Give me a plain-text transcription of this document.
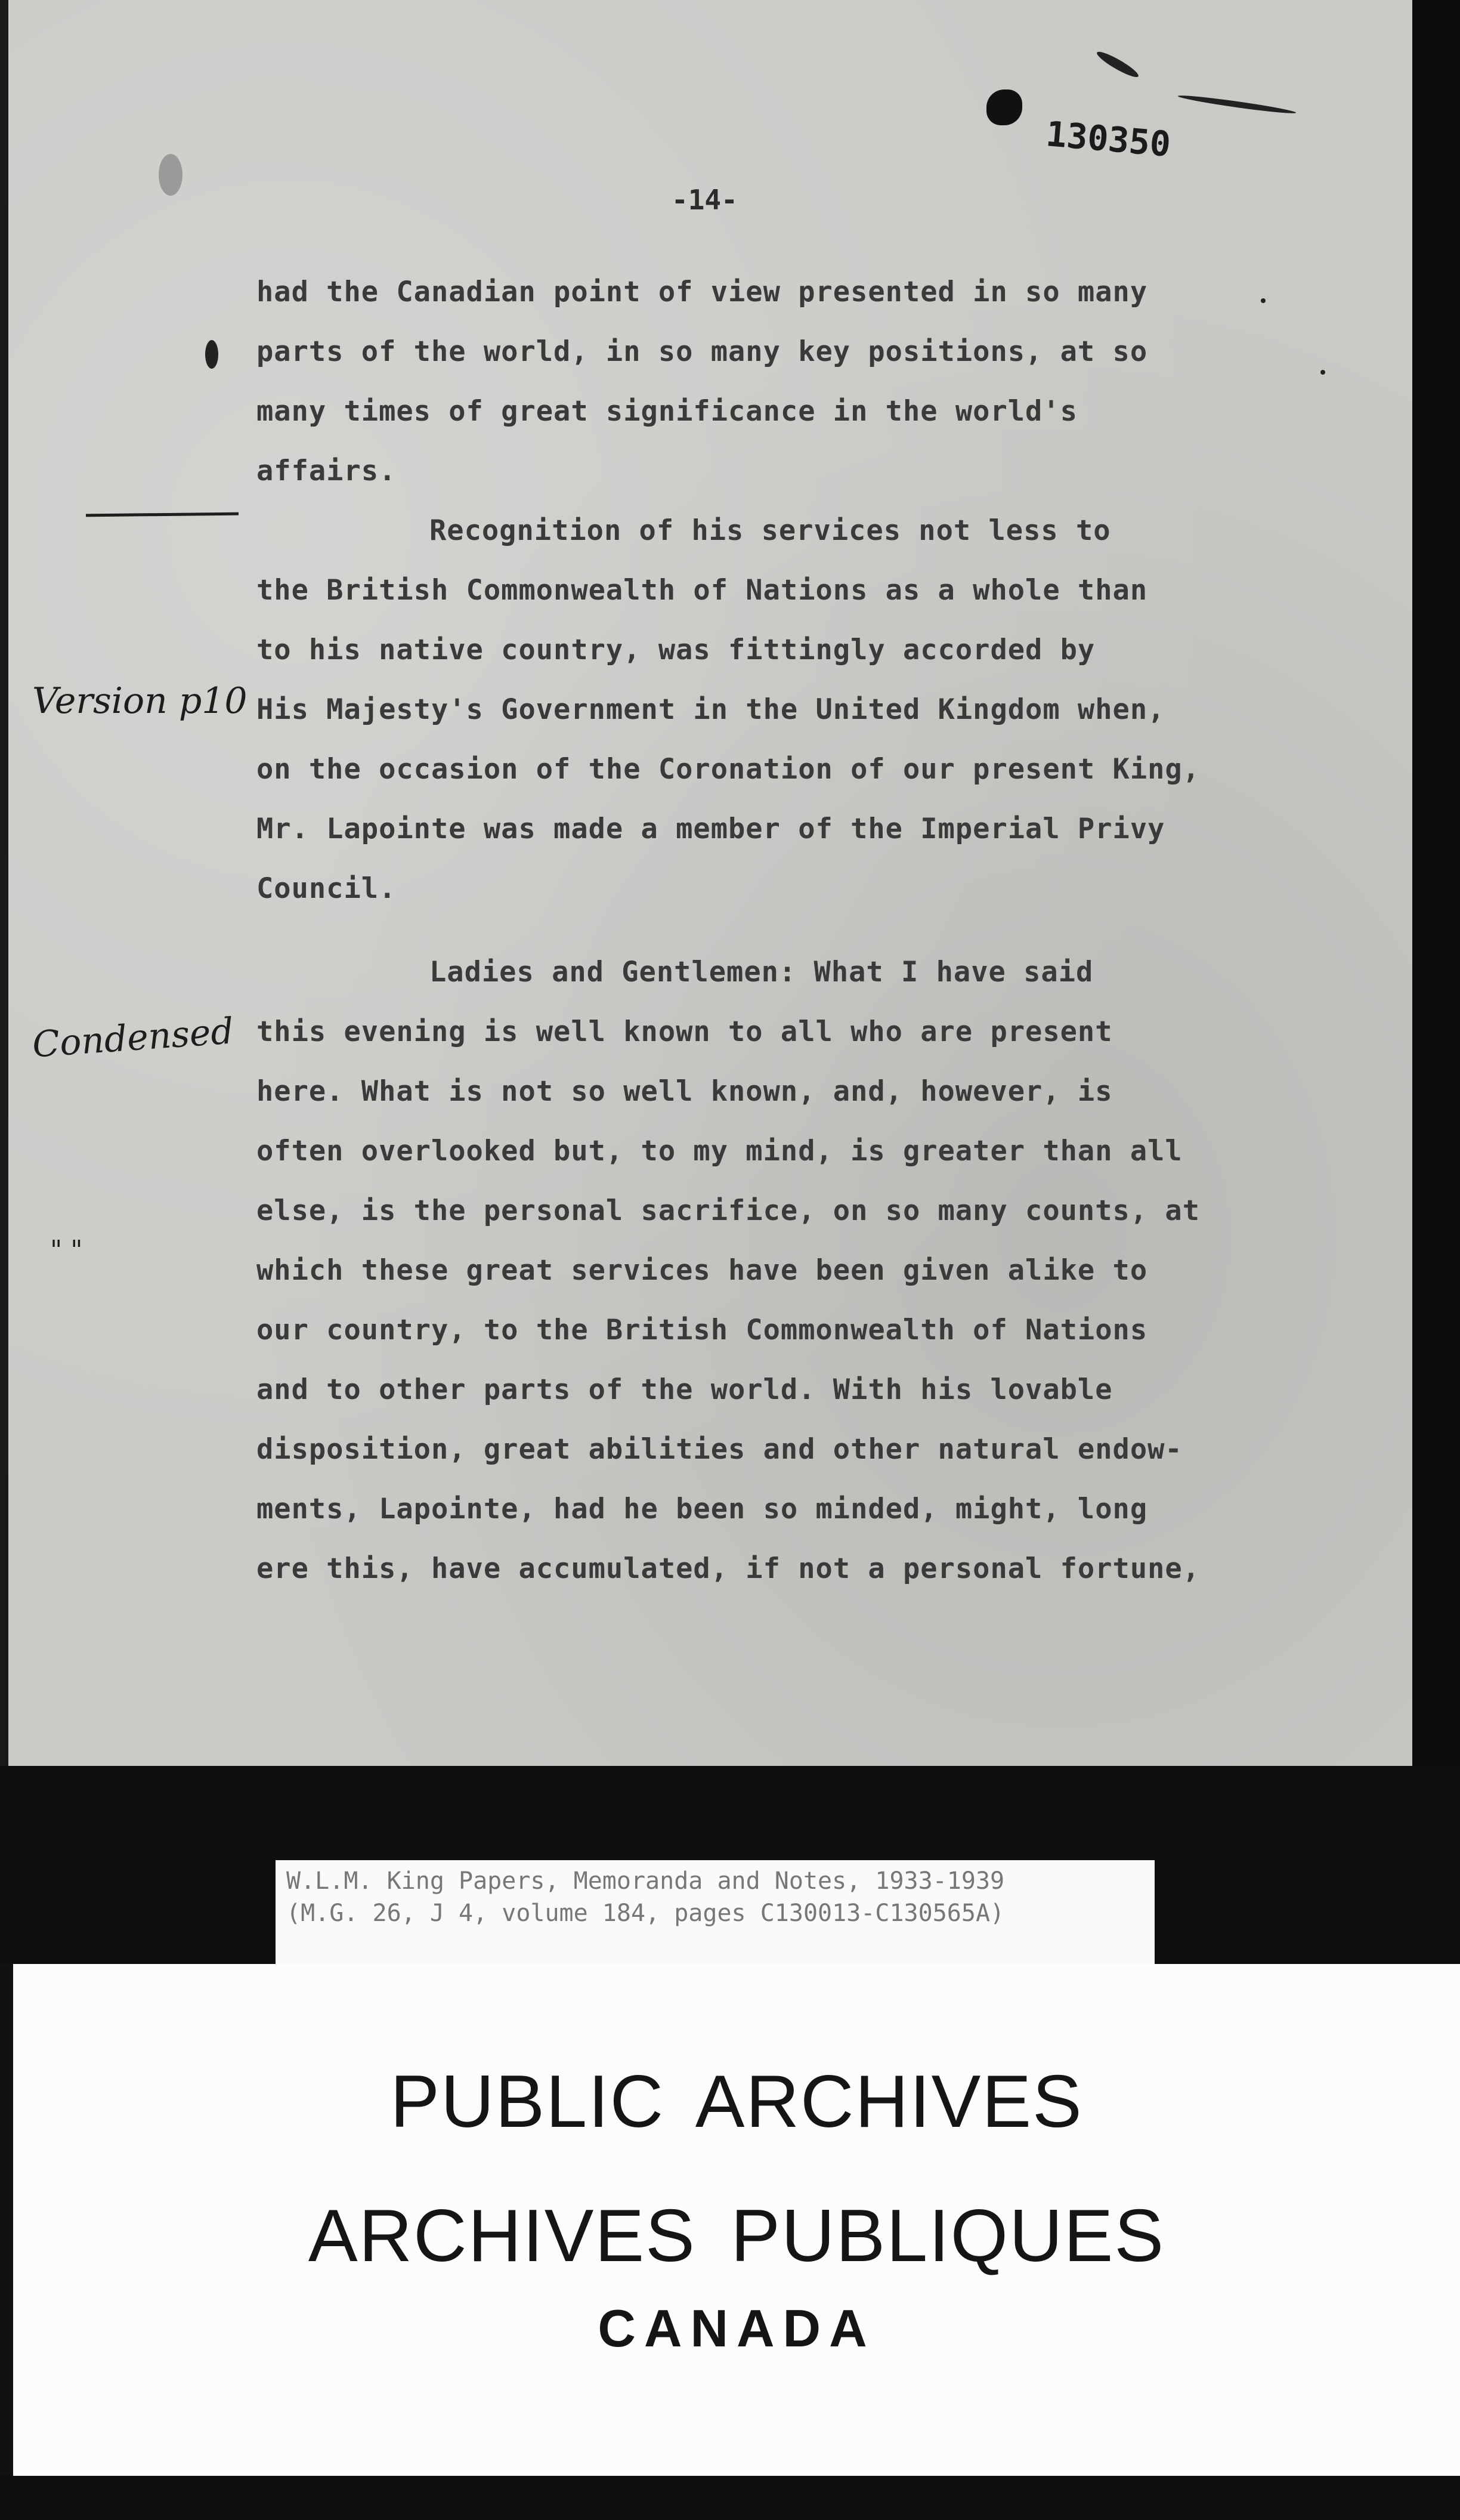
130350
-14-
had the Canadian point of view presented in so many
parts of the world, in so many key positions, at so
many times of great significance in the world's
affairs.
Recognition of his services not less to
the British Commonwealth of Nations as a whole than
to his native country, was fittingly accorded by
His Majesty's Government in the United Kingdom when,
on the occasion of the Coronation of our present King,
Mr. Lapointe was made a member of the Imperial Privy
Council.
Ladies and Gentlemen: What I have said
this evening is well known to all who are present
here. What is not so well known, and, however, is
often overlooked but, to my mind, is greater than all
else, is the personal sacrifice, on so many counts, at
which these great services have been given alike to
our country, to the British Commonwealth of Nations
and to other parts of the world. With his lovable
disposition, great abilities and other natural endow-
ments, Lapointe, had he been so minded, might, long
ere this, have accumulated, if not a personal fortune,
Version p10
Condensed
" "
W.L.M. King Papers, Memoranda and Notes, 1933-1939
(M.G. 26, J 4, volume 184, pages C130013-C130565A)
PUBLIC ARCHIVES
ARCHIVES PUBLIQUES
CANADA
